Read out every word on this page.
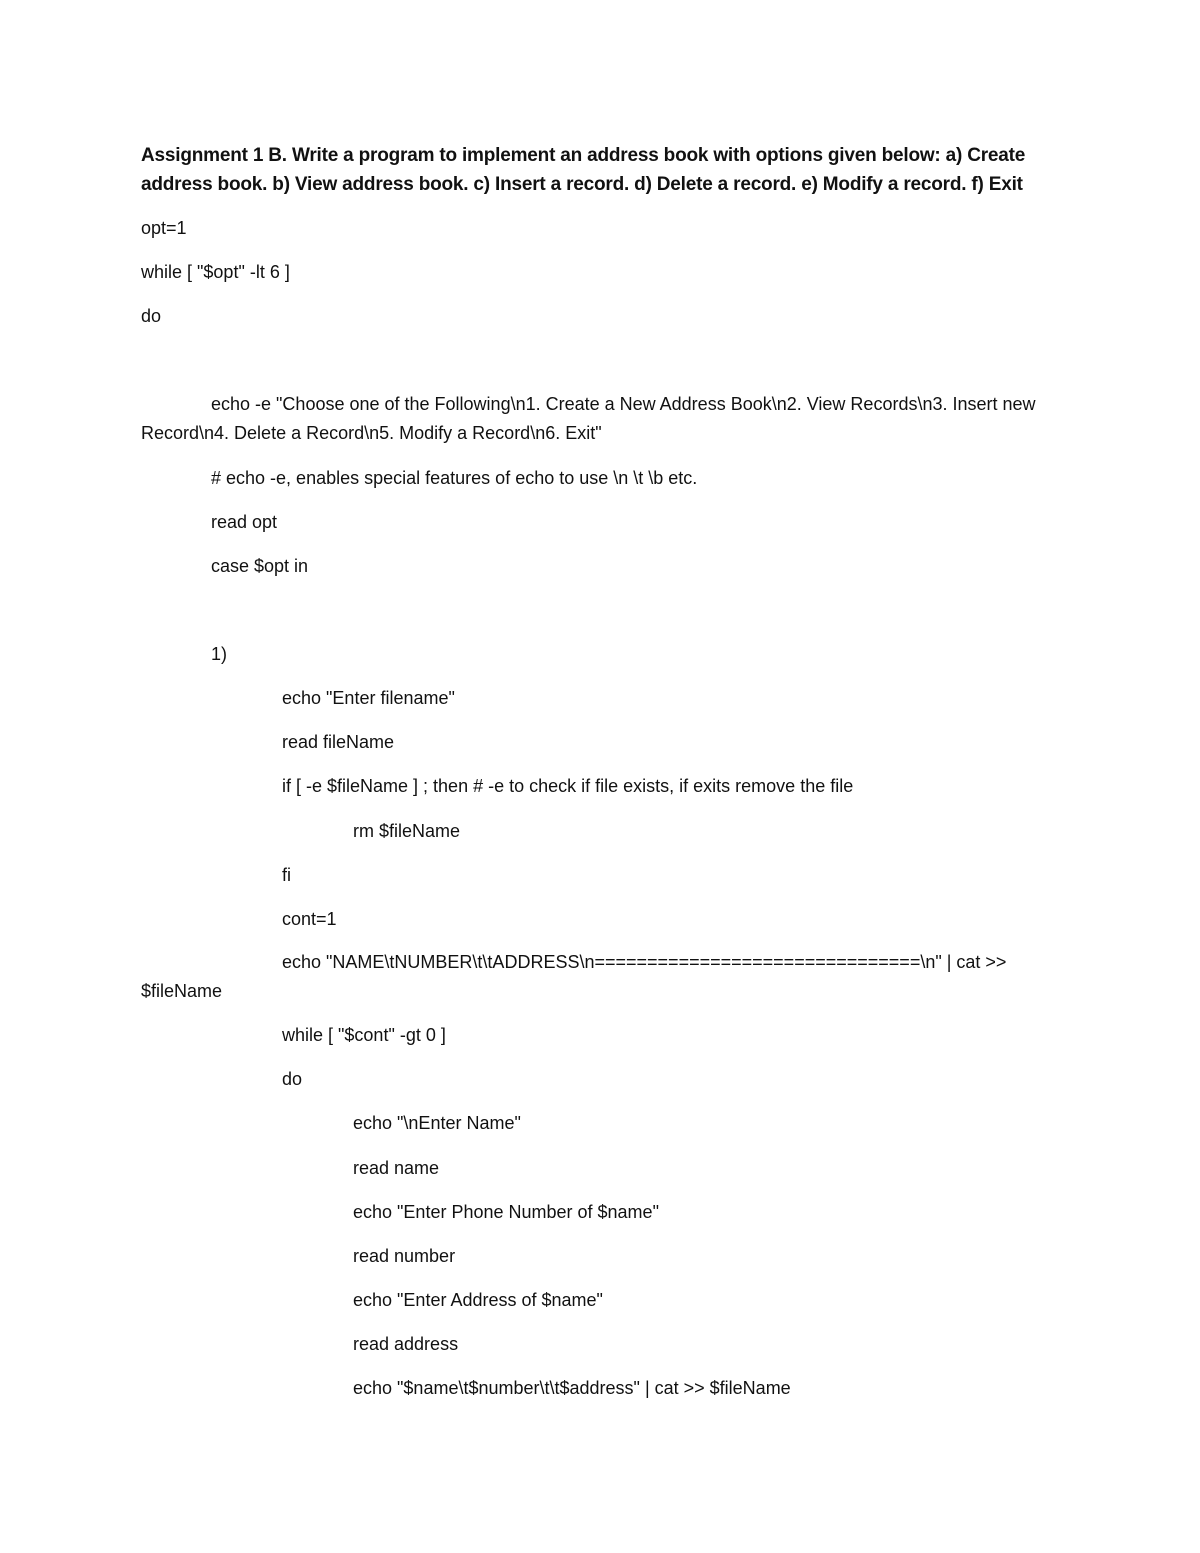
Assignment 1 B. Write a program to implement an address book with options given below: a) Create address book. b) View address book. c) Insert a record. d) Delete a record. e) Modify a record. f) Exit
opt=1
while [ "$opt" -lt 6 ]
do
echo -e "Choose one of the Following\n1. Create a New Address Book\n2. View Records\n3. Insert new Record\n4. Delete a Record\n5. Modify a Record\n6. Exit"
# echo -e, enables special features of echo to use \n \t \b etc.
read opt
case $opt in
1)
echo "Enter filename"
read fileName
if [ -e $fileName ] ; then # -e to check if file exists, if exits remove the file
rm $fileName
fi
cont=1
echo "NAME\tNUMBER\t\tADDRESS\n===============================\n" | cat >> $fileName
while [ "$cont" -gt 0 ]
do
echo "\nEnter Name"
read name
echo "Enter Phone Number of $name"
read number
echo "Enter Address of $name"
read address
echo "$name\t$number\t\t$address" | cat >> $fileName
